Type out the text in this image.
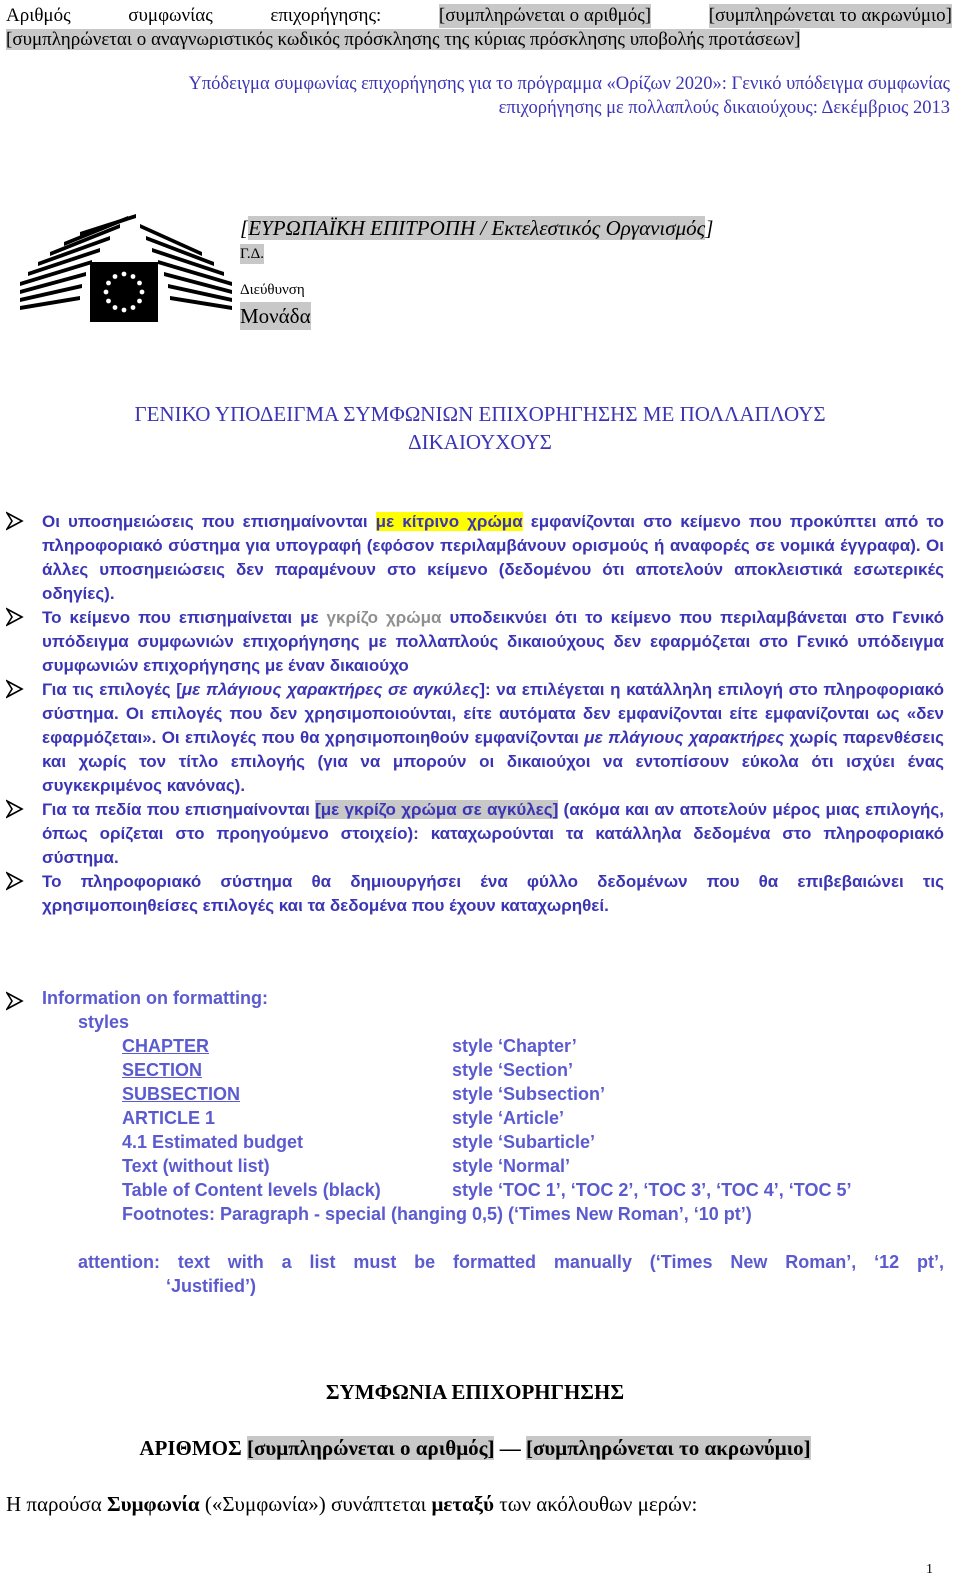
Αριθμός	συμφωνίας	επιχορήγησης:	[συμπληρώνεται ο αριθμός]	[συμπληρώνεται το ακρωνύμιο]
[συμπληρώνεται ο αναγνωριστικός κωδικός πρόσκλησης της κύριας πρόσκλησης υποβολής προτάσεων]
Υπόδειγμα συμφωνίας επιχορήγησης για το πρόγραμμα «Ορίζων 2020»: Γενικό υπόδειγμα συμφωνίας
επιχορήγησης με πολλαπλούς δικαιούχους: Δεκέμβριος 2013
[ΕΥΡΩΠΑΪΚΗ ΕΠΙΤΡΟΠΗ / Εκτελεστικός Οργανισμός]
Γ.Δ.
Διεύθυνση
Μονάδα
ΓΕΝΙΚΟ ΥΠΟΔΕΙΓΜΑ ΣΥΜΦΩΝΙΩΝ ΕΠΙΧΟΡΗΓΗΣΗΣ ΜΕ ΠΟΛΛΑΠΛΟΥΣ
ΔΙΚΑΙΟΥΧΟΥΣ

Οι υποσημειώσεις που επισημαίνονται με κίτρινο χρώμα εμφανίζονται στο κείμενο που προκύπτει από το πληροφοριακό σύστημα για υπογραφή (εφόσον περιλαμβάνουν ορισμούς ή αναφορές σε νομικά έγγραφα). Οι άλλες υποσημειώσεις δεν παραμένουν στο κείμενο (δεδομένου ότι αποτελούν αποκλειστικά εσωτερικές οδηγίες).

Το κείμενο που επισημαίνεται με γκρίζο χρώμα υποδεικνύει ότι το κείμενο που περιλαμβάνεται στο Γενικό υπόδειγμα συμφωνιών επιχορήγησης με πολλαπλούς δικαιούχους δεν εφαρμόζεται στο Γενικό υπόδειγμα συμφωνιών επιχορήγησης με έναν δικαιούχο

Για τις επιλογές [με πλάγιους χαρακτήρες σε αγκύλες]: να επιλέγεται η κατάλληλη επιλογή στο πληροφοριακό σύστημα. Οι επιλογές που δεν χρησιμοποιούνται, είτε αυτόματα δεν εμφανίζονται είτε εμφανίζονται ως «δεν εφαρμόζεται». Οι επιλογές που θα χρησιμοποιηθούν εμφανίζονται με πλάγιους χαρακτήρες χωρίς παρενθέσεις και χωρίς τον τίτλο επιλογής (για να μπορούν οι δικαιούχοι να εντοπίσουν εύκολα ότι ισχύει ένας συγκεκριμένος κανόνας).

Για τα πεδία που επισημαίνονται [με γκρίζο χρώμα σε αγκύλες] (ακόμα και αν αποτελούν μέρος μιας επιλογής, όπως ορίζεται στο προηγούμενο στοιχείο): καταχωρούνται τα κατάλληλα δεδομένα στο πληροφοριακό σύστημα.

Το πληροφοριακό σύστημα θα δημιουργήσει ένα φύλλο δεδομένων που θα επιβεβαιώνει τις χρησιμοποιηθείσες επιλογές και τα δεδομένα που έχουν καταχωρηθεί.

Information on formatting:
styles
CHAPTER	style ‘Chapter’
SECTION	style ‘Section’
SUBSECTION	style ‘Subsection’
ARTICLE 1	style ‘Article’
4.1 Estimated budget	style ‘Subarticle’
Text (without list)	style ‘Normal’
Table of Content levels (black)	style ‘TOC 1’, ‘TOC 2’, ‘TOC 3’, ‘TOC 4’, ‘TOC 5’
Footnotes: Paragraph - special (hanging 0,5) (‘Times New Roman’, ‘10 pt’)
attention: text with a list must be formatted manually (‘Times New Roman’, ‘12 pt’,
‘Justified’)
ΣΥΜΦΩΝΙΑ ΕΠΙΧΟΡΗΓΗΣΗΣ
ΑΡΙΘΜΟΣ [συμπληρώνεται ο αριθμός] — [συμπληρώνεται το ακρωνύμιο]
Η παρούσα Συμφωνία («Συμφωνία») συνάπτεται μεταξύ των ακόλουθων μερών:
1
